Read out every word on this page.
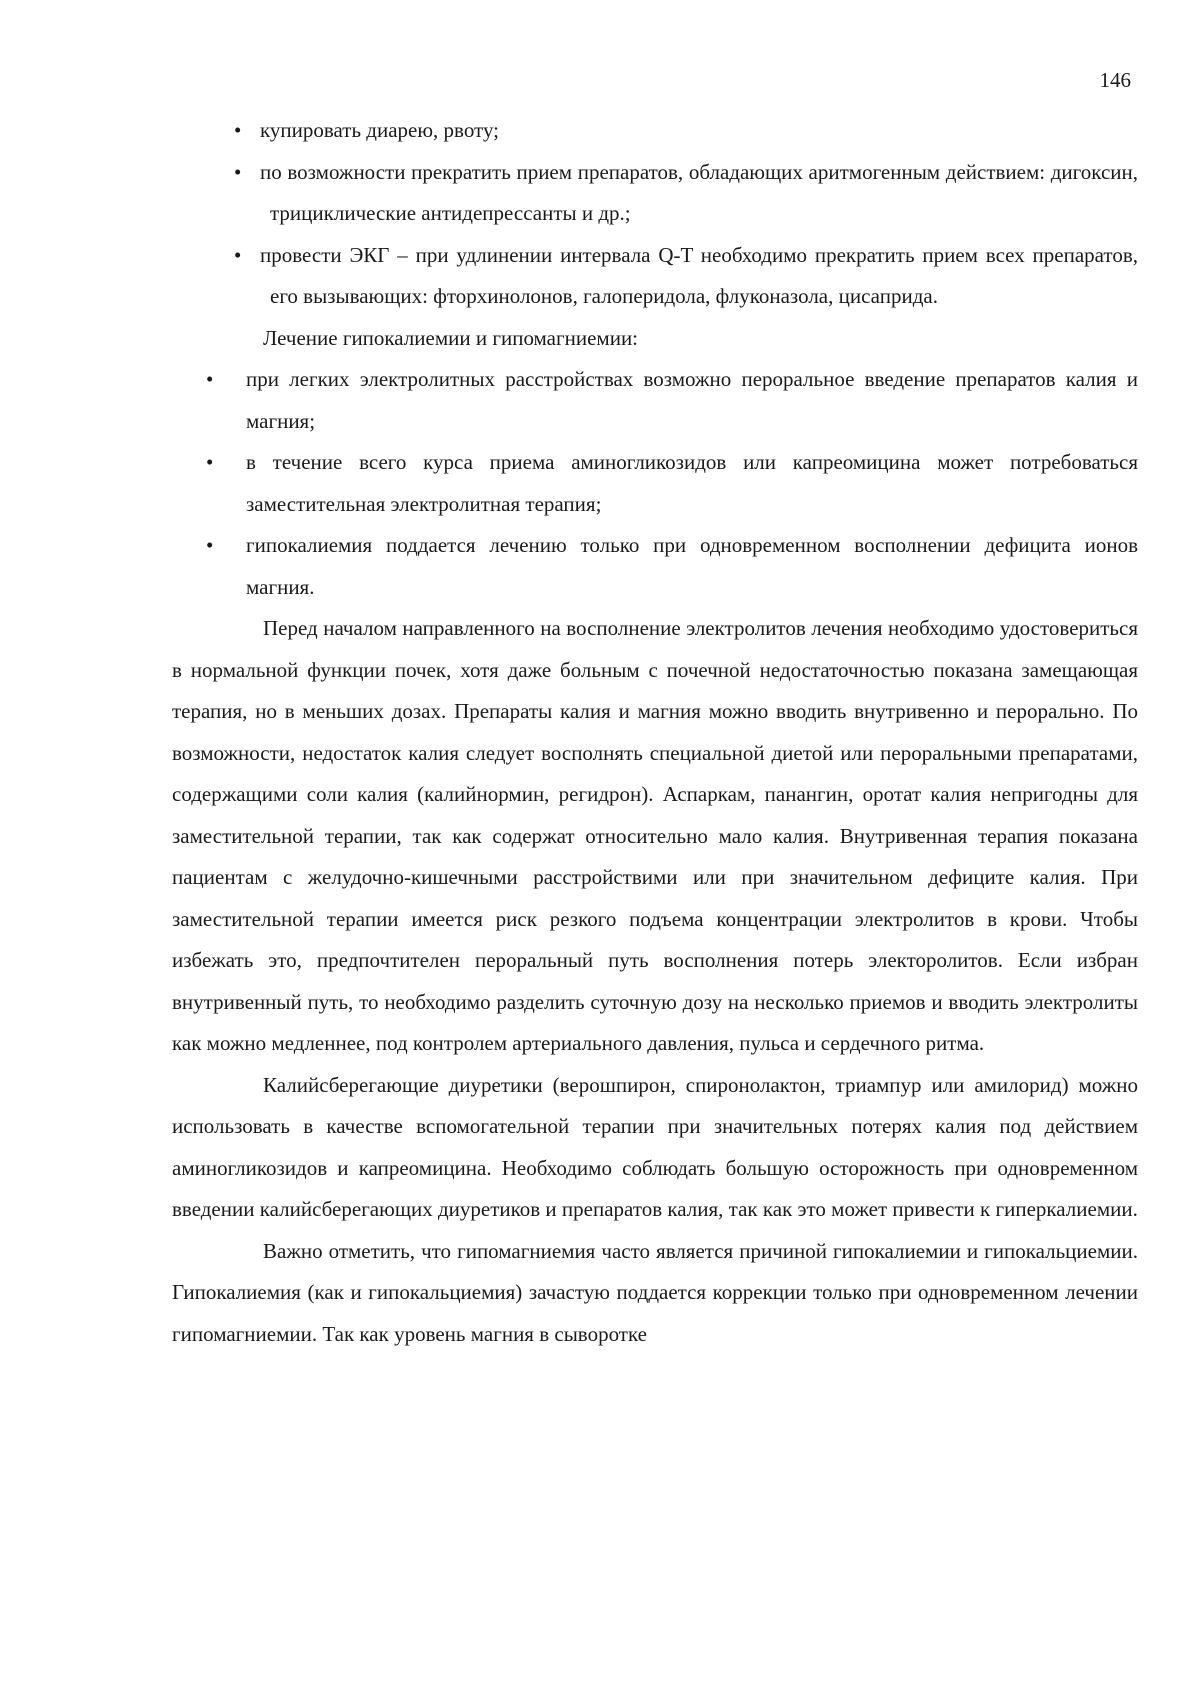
146
• купировать диарею, рвоту;
• по возможности прекратить прием препаратов, обладающих аритмогенным действием: дигоксин, трициклические антидепрессанты и др.;
• провести ЭКГ – при удлинении интервала Q-T необходимо прекратить прием всех препаратов, его вызывающих: фторхинолонов, галоперидола, флуконазола, цисаприда.

Лечение гипокалиемии и гипомагниемии:

• при легких электролитных расстройствах возможно пероральное введение препаратов калия и магния;
• в течение всего курса приема аминогликозидов или капреомицина может потребоваться заместительная электролитная терапия;
• гипокалиемия поддается лечению только при одновременном восполнении дефицита ионов магния.

Перед началом направленного на восполнение электролитов лечения необходимо удостовериться в нормальной функции почек, хотя даже больным с почечной недостаточностью показана замещающая терапия, но в меньших дозах. Препараты калия и магния можно вводить внутривенно и перорально. По возможности, недостаток калия следует восполнять специальной диетой или пероральными препаратами, содержащими соли калия (калийнормин, регидрон). Аспаркам, панангин, оротат калия непригодны для заместительной терапии, так как содержат относительно мало калия. Внутривенная терапия показана пациентам с желудочно-кишечными расстройствими или при значительном дефиците калия. При заместительной терапии имеется риск резкого подъема концентрации электролитов в крови. Чтобы избежать это, предпочтителен пероральный путь восполнения потерь электоролитов. Если избран внутривенный путь, то необходимо разделить суточную дозу на несколько приемов и вводить электролиты как можно медленнее, под контролем артериального давления, пульса и сердечного ритма.

Калийсберегающие диуретики (верошпирон, спиронолактон, триампур или амилорид) можно использовать в качестве вспомогательной терапии при значительных потерях калия под действием аминогликозидов и капреомицина. Необходимо соблюдать большую осторожность при одновременном введении калийсберегающих диуретиков и препаратов калия, так как это может привести к гиперкалиемии.

Важно отметить, что гипомагниемия часто является причиной гипокалиемии и гипокальциемии. Гипокалиемия (как и гипокальциемия) зачастую поддается коррекции только при одновременном лечении гипомагниемии. Так как уровень магния в сыворотке
